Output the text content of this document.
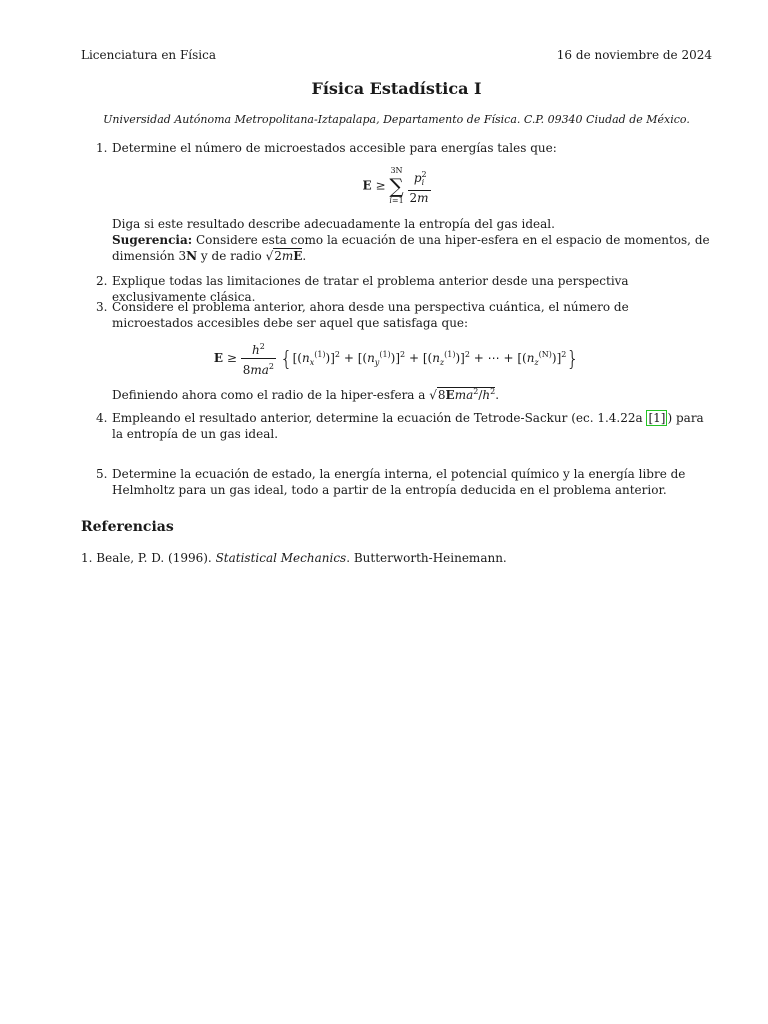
Licenciatura en Física	16 de noviembre de 2024
Física Estadística I
Universidad Autónoma Metropolitana-Iztapalapa, Departamento de Física. C.P. 09340 Ciudad de México.
1. Determine el número de microestados accesible para energías tales que:
E ≥
3N
∑
i=1
$\frac{p^2_i}{2m}$
Diga si este resultado describe adecuadamente la entropía del gas ideal.
Sugerencia: Considere esta como la ecuación de una hiper-esfera en el espacio de momentos, de dimensión 3N y de radio √2mE.
2. Explique todas las limitaciones de tratar el problema anterior desde una perspectiva exclusivamente clásica.
3. Considere el problema anterior, ahora desde una perspectiva cuántica, el número de microestados accesibles debe ser aquel que satisfaga que:
$E \ge \frac{h^2}{8ma^2} \{[(n_x^{(1)})]^2 + [(n_y^{(1)})]^2 + [(n_z^{(1)})]^2$ + ⋯ + $[(n_z^{(N)})]^2$}
Definiendo ahora como el radio de la hiper-esfera a $√8Ema^2/h^2$.
4. Empleando el resultado anterior, determine la ecuación de Tetrode-Sackur (ec. 1.4.22a [1] ) para la entropía de un gas ideal.
5. Determine la ecuación de estado, la energía interna, el potencial químico y la energía libre de Helmholtz para un gas ideal, todo a partir de la entropía deducida en el problema anterior.
Referencias
1. Beale, P. D. (1996). Statistical Mechanics. Butterworth-Heinemann.
